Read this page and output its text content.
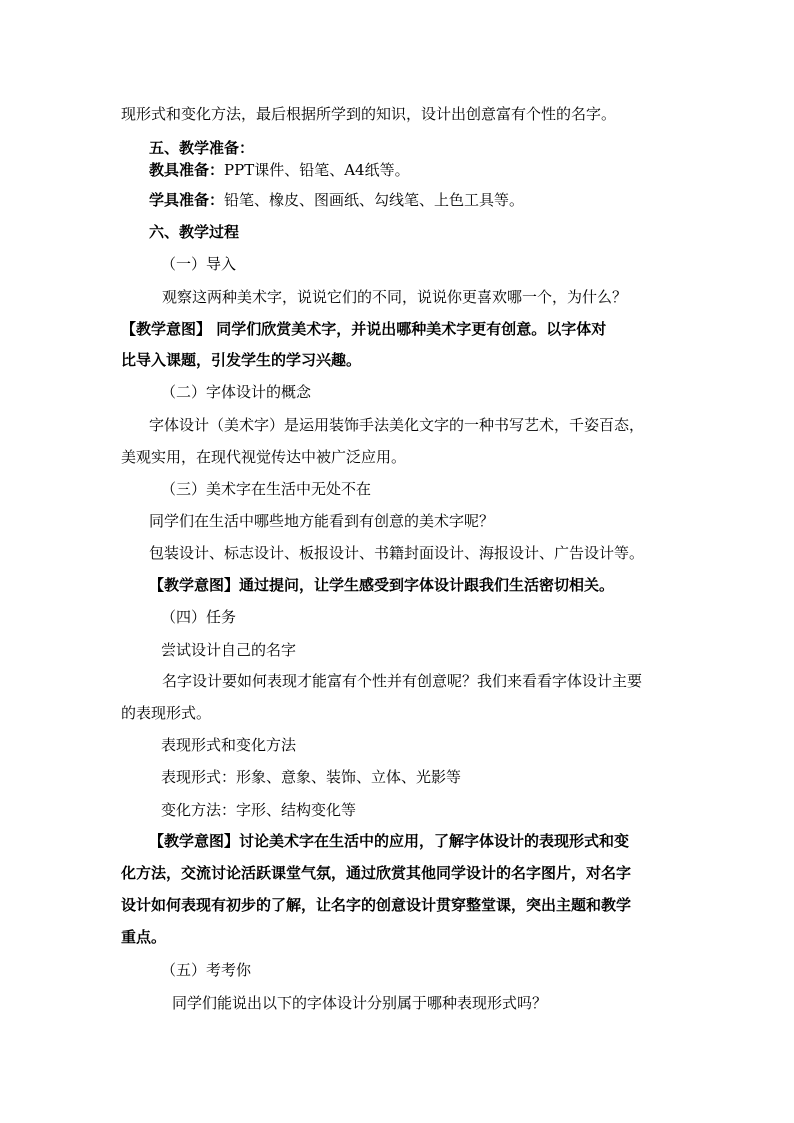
现形式和变化方法，最后根据所学到的知识，设计出创意富有个性的名字。
五、教学准备：
教具准备：PPT课件、铅笔、A4纸等。
学具准备：铅笔、橡皮、图画纸、勾线笔、上色工具等。
六、教学过程
（一）导入
观察这两种美术字，说说它们的不同，说说你更喜欢哪一个，为什么？
【教学意图】 同学们欣赏美术字，并说出哪种美术字更有创意。以字体对
比导入课题，引发学生的学习兴趣。
（二）字体设计的概念
字体设计（美术字）是运用装饰手法美化文字的一种书写艺术，千姿百态，
美观实用，在现代视觉传达中被广泛应用。
（三）美术字在生活中无处不在
同学们在生活中哪些地方能看到有创意的美术字呢？
包装设计、标志设计、板报设计、书籍封面设计、海报设计、广告设计等。
【教学意图】通过提问，让学生感受到字体设计跟我们生活密切相关。
（四）任务
尝试设计自己的名字
名字设计要如何表现才能富有个性并有创意呢？我们来看看字体设计主要
的表现形式。
表现形式和变化方法
表现形式：形象、意象、装饰、立体、光影等
变化方法：字形、结构变化等
【教学意图】讨论美术字在生活中的应用，了解字体设计的表现形式和变
化方法，交流讨论活跃课堂气氛，通过欣赏其他同学设计的名字图片，对名字
设计如何表现有初步的了解，让名字的创意设计贯穿整堂课，突出主题和教学
重点。
（五）考考你
同学们能说出以下的字体设计分别属于哪种表现形式吗？
